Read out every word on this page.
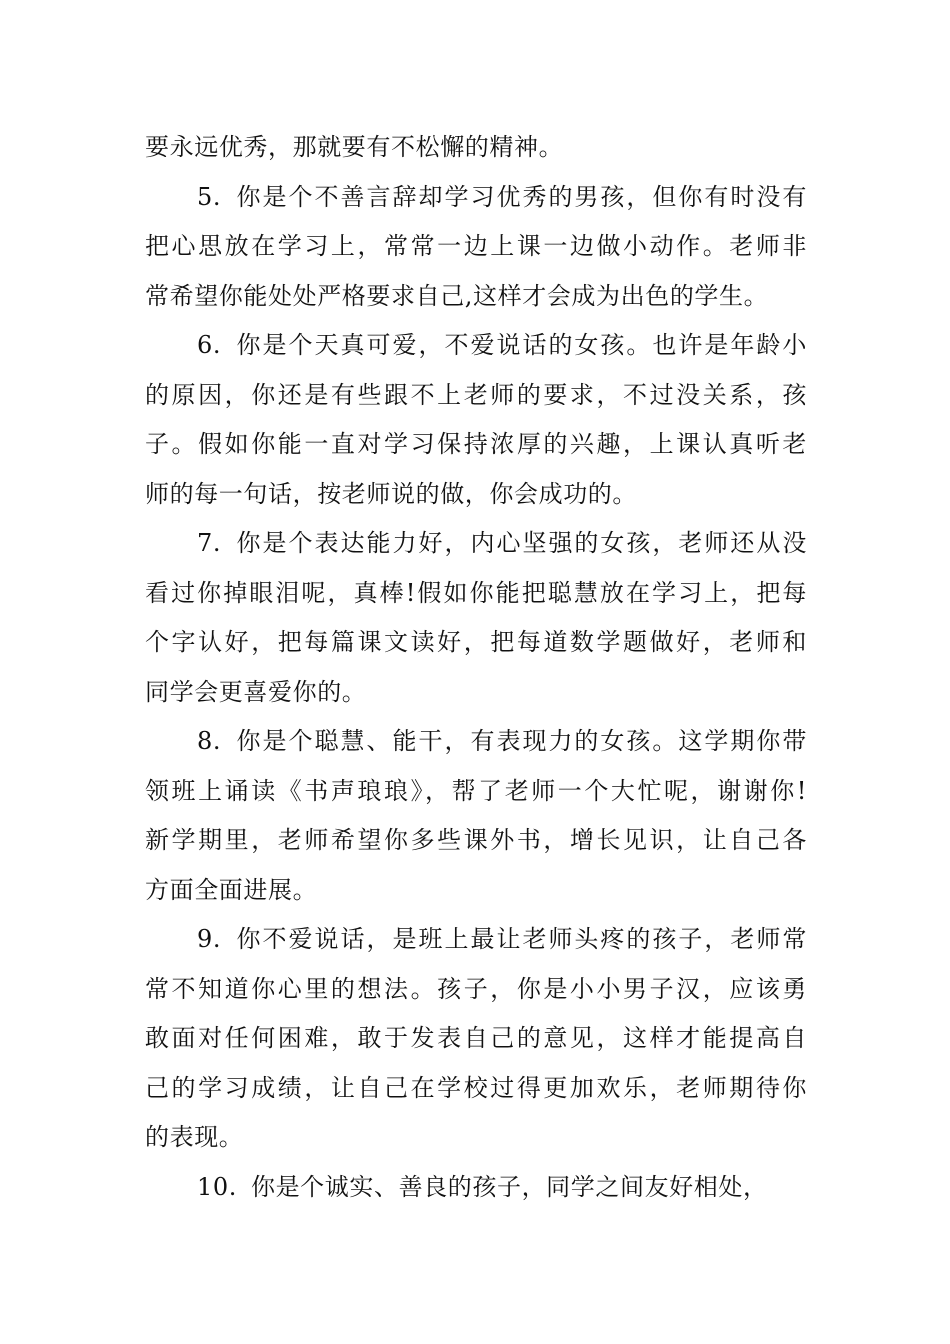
要永远优秀，那就要有不松懈的精神。

5. 你是个不善言辞却学习优秀的男孩，但你有时没有
把心思放在学习上，常常一边上课一边做小动作。老师非
常希望你能处处严格要求自己,这样才会成为出色的学生。

6. 你是个天真可爱，不爱说话的女孩。也许是年龄小
的原因，你还是有些跟不上老师的要求，不过没关系，孩
子。假如你能一直对学习保持浓厚的兴趣，上课认真听老
师的每一句话，按老师说的做，你会成功的。

7. 你是个表达能力好，内心坚强的女孩，老师还从没
看过你掉眼泪呢，真棒!假如你能把聪慧放在学习上，把每
个字认好，把每篇课文读好，把每道数学题做好，老师和
同学会更喜爱你的。

8. 你是个聪慧、能干，有表现力的女孩。这学期你带
领班上诵读《书声琅琅》，帮了老师一个大忙呢，谢谢你!
新学期里，老师希望你多些课外书，增长见识，让自己各
方面全面进展。

9. 你不爱说话，是班上最让老师头疼的孩子，老师常
常不知道你心里的想法。孩子，你是小小男子汉，应该勇
敢面对任何困难，敢于发表自己的意见，这样才能提高自
己的学习成绩，让自己在学校过得更加欢乐，老师期待你
的表现。

10. 你是个诚实、善良的孩子，同学之间友好相处，
